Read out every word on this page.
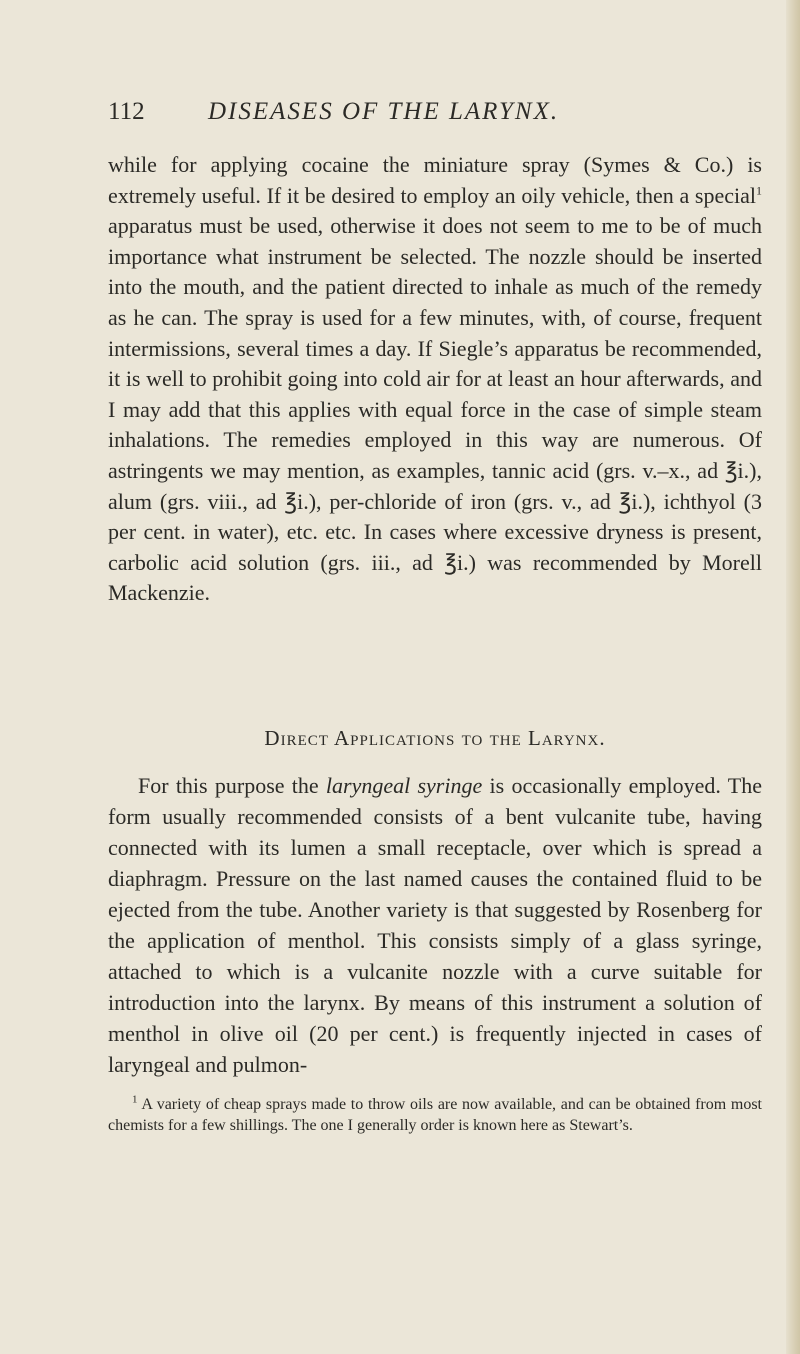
112	DISEASES OF THE LARYNX.

while for applying cocaine the miniature spray (Symes & Co.) is extremely useful. If it be desired to employ an oily vehicle, then a special$^1$ apparatus must be used, otherwise it does not seem to me to be of much importance what instrument be selected. The nozzle should be inserted into the mouth, and the patient directed to inhale as much of the remedy as he can. The spray is used for a few minutes, with, of course, frequent intermissions, several times a day. If Siegle’s apparatus be recommended, it is well to prohibit going into cold air for at least an hour afterwards, and I may add that this applies with equal force in the case of simple steam inhalations. The remedies employed in this way are numerous. Of astringents we may mention, as examples, tannic acid (grs. v.–x., ad ℥i.), alum (grs. viii., ad ℥i.), per-chloride of iron (grs. v., ad ℥i.), ichthyol (3 per cent. in water), etc. etc. In cases where excessive dryness is present, carbolic acid solution (grs. iii., ad ℥i.) was recommended by Morell Mackenzie.

Direct Applications to the Larynx.

For this purpose the laryngeal syringe is occasionally employed. The form usually recommended consists of a bent vulcanite tube, having connected with its lumen a small receptacle, over which is spread a diaphragm. Pressure on the last named causes the contained fluid to be ejected from the tube. Another variety is that suggested by Rosenberg for the application of menthol. This consists simply of a glass syringe, attached to which is a vulcanite nozzle with a curve suitable for introduction into the larynx. By means of this instrument a solution of menthol in olive oil (20 per cent.) is frequently injected in cases of laryngeal and pulmon-

$^1$ A variety of cheap sprays made to throw oils are now available, and can be obtained from most chemists for a few shillings. The one I generally order is known here as Stewart’s.
